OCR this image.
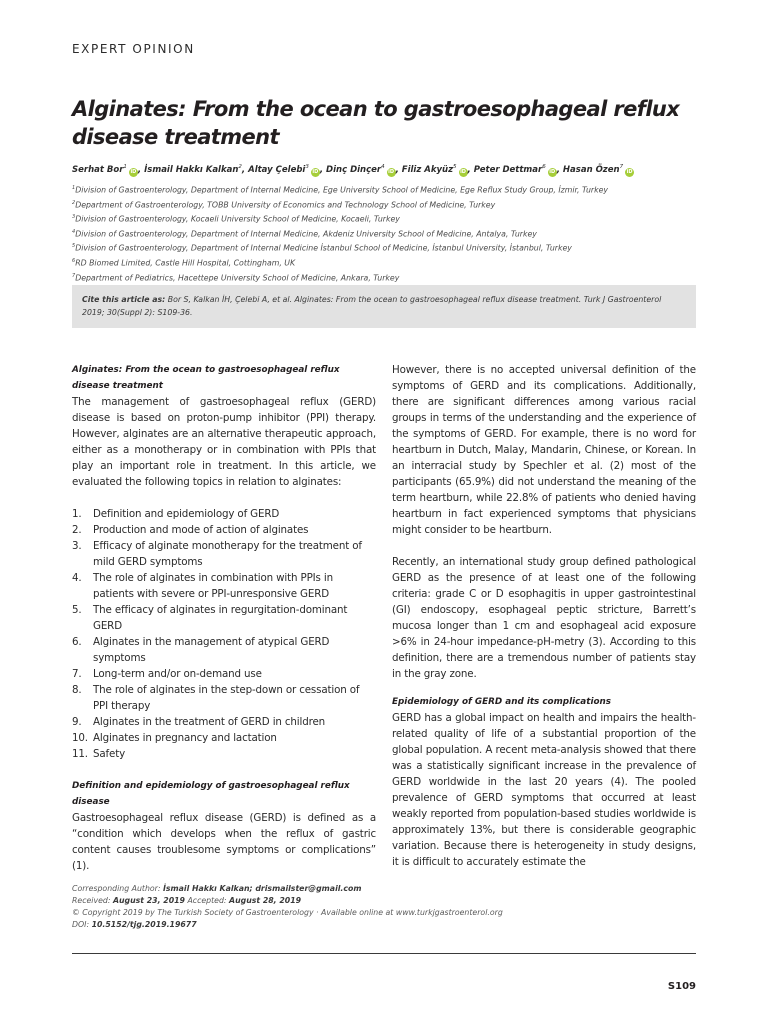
EXPERT OPINION
Alginates: From the ocean to gastroesophageal reflux disease treatment
Serhat Bor$^1$iD , İsmail Hakkı Kalkan$^2$, Altay Çelebi$^3$iD , Dinç Dinçer$^4$iD , Filiz Akyüz$^5$iD , Peter Dettmar$^6$iD , Hasan Özen$^7$iD
$^1$Division of Gastroenterology, Department of Internal Medicine, Ege University School of Medicine, Ege Reflux Study Group, İzmir, Turkey
$^2$Department of Gastroenterology, TOBB University of Economics and Technology School of Medicine, Turkey
$^3$Division of Gastroenterology, Kocaeli University School of Medicine, Kocaeli, Turkey
$^4$Division of Gastroenterology, Department of Internal Medicine, Akdeniz University School of Medicine, Antalya, Turkey
$^5$Division of Gastroenterology, Department of Internal Medicine İstanbul School of Medicine, İstanbul University, İstanbul, Turkey
$^6$RD Biomed Limited, Castle Hill Hospital, Cottingham, UK
$^7$Department of Pediatrics, Hacettepe University School of Medicine, Ankara, Turkey
Cite this article as: Bor S, Kalkan İH, Çelebi A, et al. Alginates: From the ocean to gastroesophageal reflux disease treatment. Turk J Gastroenterol 2019; 30(Suppl 2): S109-36.
Alginates: From the ocean to gastroesophageal reflux disease treatment

The management of gastroesophageal reflux (GERD) disease is based on proton-pump inhibitor (PPI) therapy. However, alginates are an alternative therapeutic approach, either as a monotherapy or in combination with PPIs that play an important role in treatment. In this article, we evaluated the following topics in relation to alginates:

1. Definition and epidemiology of GERD
2. Production and mode of action of alginates
3. Efficacy of alginate monotherapy for the treatment of mild GERD symptoms
4. The role of alginates in combination with PPIs in patients with severe or PPI-unresponsive GERD
5. The efficacy of alginates in regurgitation-dominant GERD
6. Alginates in the management of atypical GERD symptoms
7. Long-term and/or on-demand use
8. The role of alginates in the step-down or cessation of PPI therapy
9. Alginates in the treatment of GERD in children
10. Alginates in pregnancy and lactation
11. Safety
Definition and epidemiology of gastroesophageal reflux disease

Gastroesophageal reflux disease (GERD) is defined as a “condition which develops when the reflux of gastric content causes troublesome symptoms or complications” (1).

However, there is no accepted universal definition of the symptoms of GERD and its complications. Additionally, there are significant differences among various racial groups in terms of the understanding and the experience of the symptoms of GERD. For example, there is no word for heartburn in Dutch, Malay, Mandarin, Chinese, or Korean. In an interracial study by Spechler et al. (2) most of the participants (65.9%) did not understand the meaning of the term heartburn, while 22.8% of patients who denied having heartburn in fact experienced symptoms that physicians might consider to be heartburn.

Recently, an international study group defined pathological GERD as the presence of at least one of the following criteria: grade C or D esophagitis in upper gastrointestinal (GI) endoscopy, esophageal peptic stricture, Barrett’s mucosa longer than 1 cm and esophageal acid exposure >6% in 24-hour impedance-pH-metry (3). According to this definition, there are a tremendous number of patients stay in the gray zone.

Epidemiology of GERD and its complications

GERD has a global impact on health and impairs the health-related quality of life of a substantial proportion of the global population. A recent meta-analysis showed that there was a statistically significant increase in the prevalence of GERD worldwide in the last 20 years (4). The pooled prevalence of GERD symptoms that occurred at least weakly reported from population-based studies worldwide is approximately 13%, but there is considerable geographic variation. Because there is heterogeneity in study designs, it is difficult to accurately estimate the

Corresponding Author: İsmail Hakkı Kalkan; drismailster@gmail.com
Received: August 23, 2019 Accepted: August 28, 2019
© Copyright 2019 by The Turkish Society of Gastroenterology · Available online at www.turkjgastroenterol.org
DOI: 10.5152/tjg.2019.19677
S109
